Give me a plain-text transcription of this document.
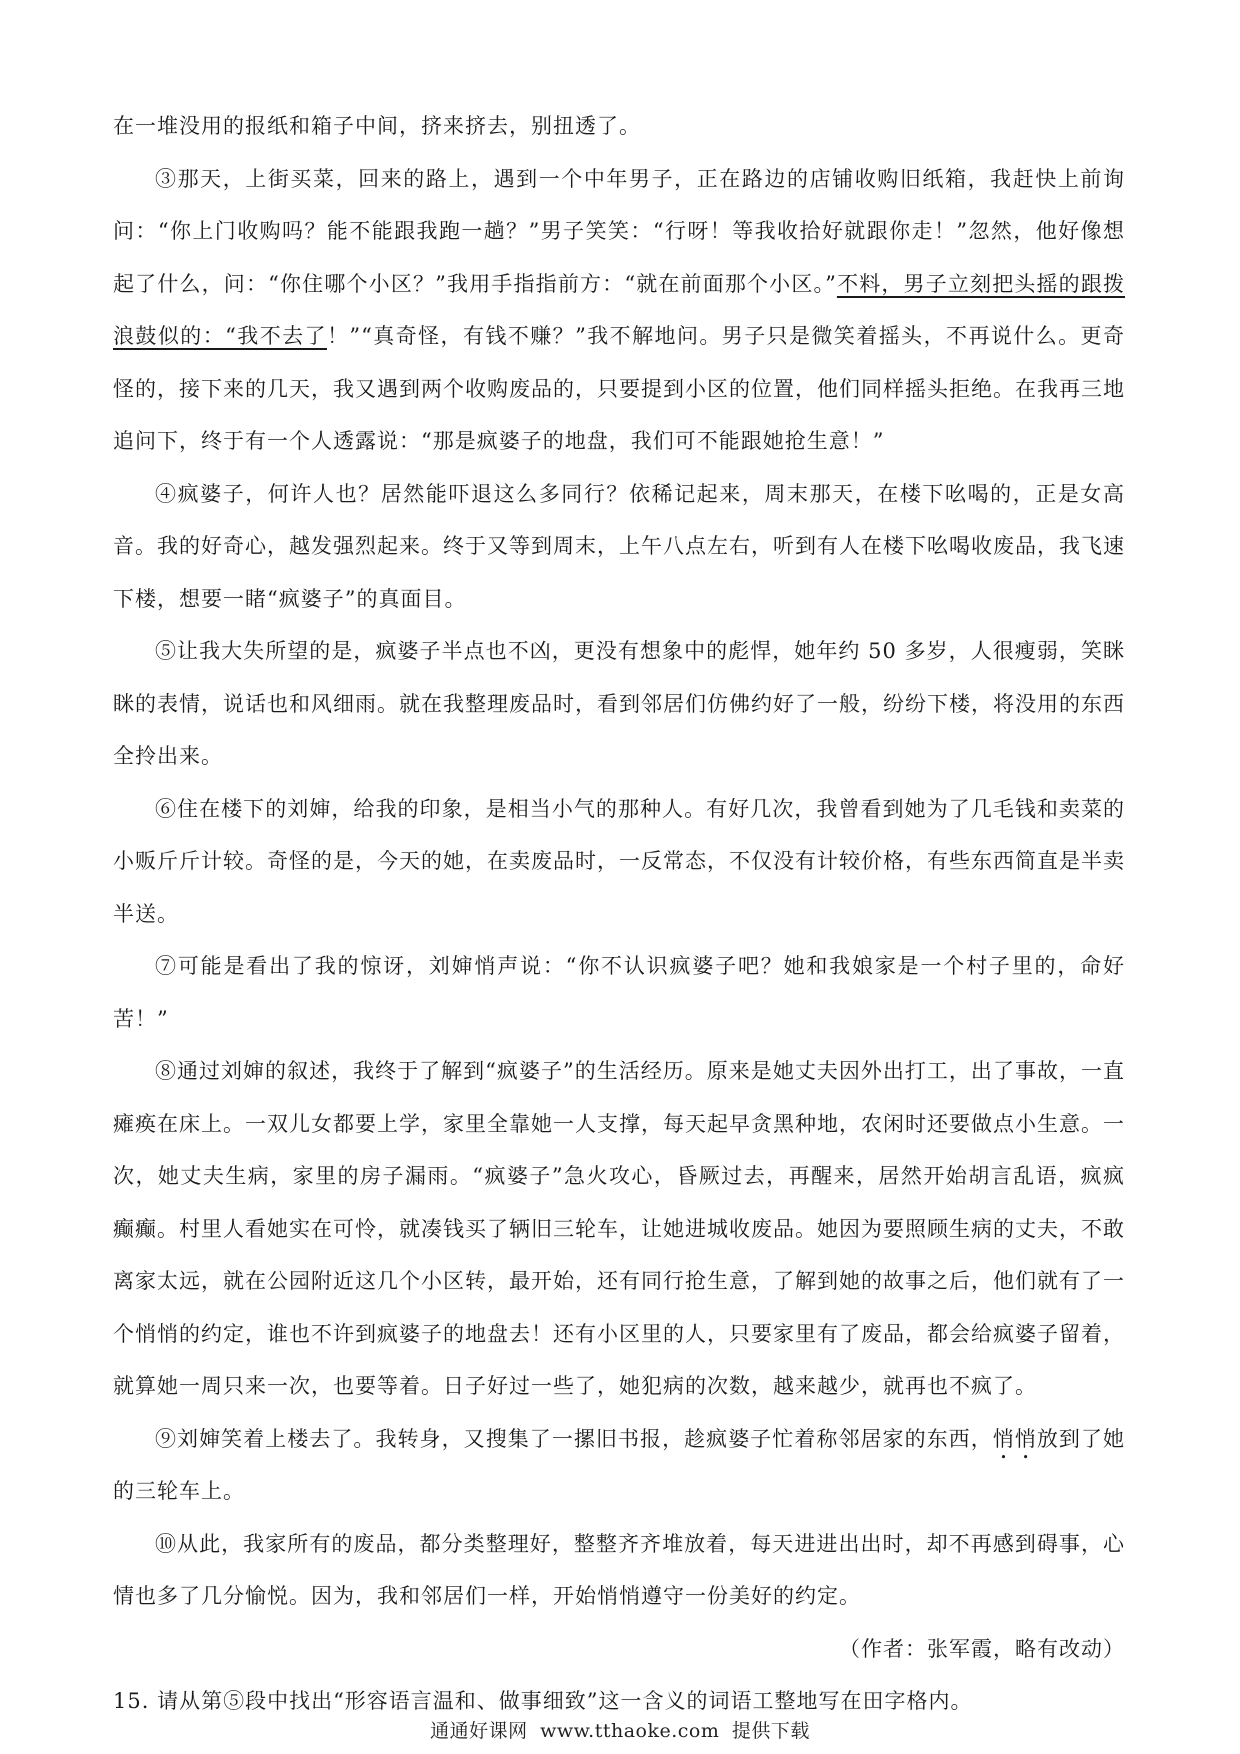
在一堆没用的报纸和箱子中间，挤来挤去，别扭透了。

③那天，上街买菜，回来的路上，遇到一个中年男子，正在路边的店铺收购旧纸箱，我赶快上前询问：“你上门收购吗？能不能跟我跑一趟？”男子笑笑：“行呀！等我收拾好就跟你走！”忽然，他好像想起了什么，问：“你住哪个小区？”我用手指指前方：“就在前面那个小区。”不料，男子立刻把头摇的跟拨浪鼓似的：“我不去了！”“真奇怪，有钱不赚？”我不解地问。男子只是微笑着摇头，不再说什么。更奇怪的，接下来的几天，我又遇到两个收购废品的，只要提到小区的位置，他们同样摇头拒绝。在我再三地追问下，终于有一个人透露说：“那是疯婆子的地盘，我们可不能跟她抢生意！”

④疯婆子，何许人也？居然能吓退这么多同行？依稀记起来，周末那天，在楼下吆喝的，正是女高音。我的好奇心，越发强烈起来。终于又等到周末，上午八点左右，听到有人在楼下吆喝收废品，我飞速下楼，想要一睹“疯婆子”的真面目。

⑤让我大失所望的是，疯婆子半点也不凶，更没有想象中的彪悍，她年约 50 多岁，人很瘦弱，笑眯眯的表情，说话也和风细雨。就在我整理废品时，看到邻居们仿佛约好了一般，纷纷下楼，将没用的东西全拎出来。

⑥住在楼下的刘婶，给我的印象，是相当小气的那种人。有好几次，我曾看到她为了几毛钱和卖菜的小贩斤斤计较。奇怪的是，今天的她，在卖废品时，一反常态，不仅没有计较价格，有些东西简直是半卖半送。

⑦可能是看出了我的惊讶，刘婶悄声说：“你不认识疯婆子吧？她和我娘家是一个村子里的，命好苦！”

⑧通过刘婶的叙述，我终于了解到“疯婆子”的生活经历。原来是她丈夫因外出打工，出了事故，一直瘫痪在床上。一双儿女都要上学，家里全靠她一人支撑，每天起早贪黑种地，农闲时还要做点小生意。一次，她丈夫生病，家里的房子漏雨。“疯婆子”急火攻心，昏厥过去，再醒来，居然开始胡言乱语，疯疯癫癫。村里人看她实在可怜，就凑钱买了辆旧三轮车，让她进城收废品。她因为要照顾生病的丈夫，不敢离家太远，就在公园附近这几个小区转，最开始，还有同行抢生意，了解到她的故事之后，他们就有了一个悄悄的约定，谁也不许到疯婆子的地盘去！还有小区里的人，只要家里有了废品，都会给疯婆子留着，就算她一周只来一次，也要等着。日子好过一些了，她犯病的次数，越来越少，就再也不疯了。

⑨刘婶笑着上楼去了。我转身，又搜集了一摞旧书报，趁疯婆子忙着称邻居家的东西，悄悄放到了她的三轮车上。

⑩从此，我家所有的废品，都分类整理好，整整齐齐堆放着，每天进进出出时，却不再感到碍事，心情也多了几分愉悦。因为，我和邻居们一样，开始悄悄遵守一份美好的约定。

（作者：张军霞，略有改动）

15. 请从第⑤段中找出“形容语言温和、做事细致”这一含义的词语工整地写在田字格内。

通通好课网 www.tthaoke.com 提供下载
